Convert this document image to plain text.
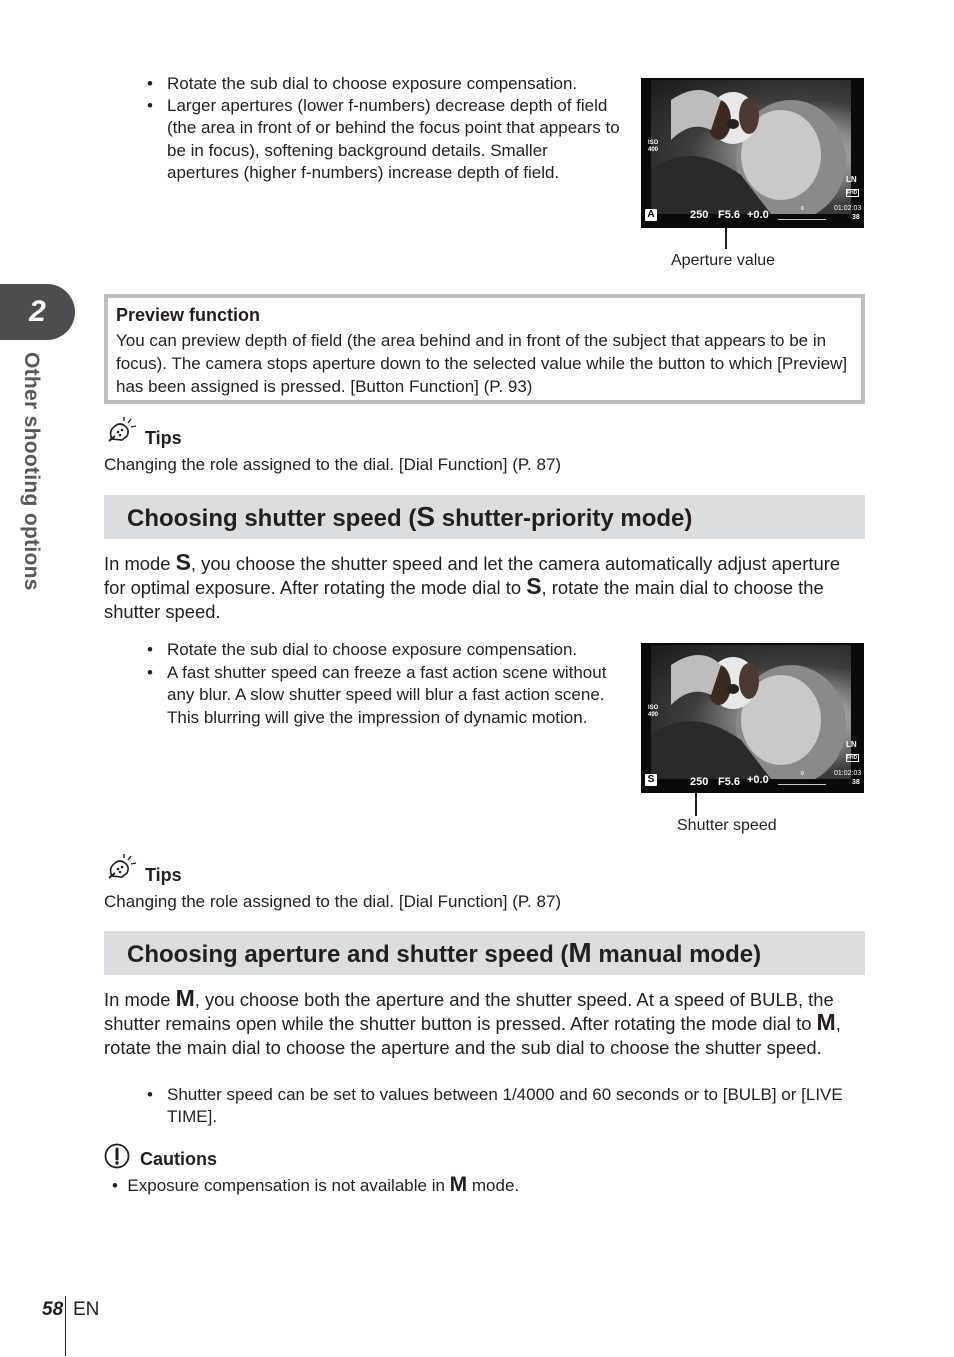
2
Other shooting options
• Rotate the sub dial to choose exposure compensation.
• Larger apertures (lower f-numbers) decrease depth of field (the area in front of or behind the focus point that appears to be in focus), softening background details. Smaller apertures (higher f-numbers) increase depth of field.
ISO
400
LN
FHD
A	250 F5.6 +0.0	0	01:02:03
38
Aperture value
Preview function
You can preview depth of field (the area behind and in front of the subject that appears to be in focus). The camera stops aperture down to the selected value while the button to which [Preview] has been assigned is pressed. [Button Function] (P. 93)
Tips
Changing the role assigned to the dial. [Dial Function] (P. 87)
Choosing shutter speed (S shutter-priority mode)
In mode S, you choose the shutter speed and let the camera automatically adjust aperture for optimal exposure. After rotating the mode dial to S, rotate the main dial to choose the shutter speed.
• Rotate the sub dial to choose exposure compensation.
• A fast shutter speed can freeze a fast action scene without any blur. A slow shutter speed will blur a fast action scene. This blurring will give the impression of dynamic motion.	ISO
400
LN
FHD
S	250 F5.6 +0.0	0	01:02:03
38
Shutter speed
Tips
Changing the role assigned to the dial. [Dial Function] (P. 87)
Choosing aperture and shutter speed (M manual mode)
In mode M, you choose both the aperture and the shutter speed. At a speed of BULB, the shutter remains open while the shutter button is pressed. After rotating the mode dial to M, rotate the main dial to choose the aperture and the sub dial to choose the shutter speed.
• Shutter speed can be set to values between 1/4000 and 60 seconds or to [BULB] or [LIVE TIME].
Cautions
•  Exposure compensation is not available in M mode.
58 EN
